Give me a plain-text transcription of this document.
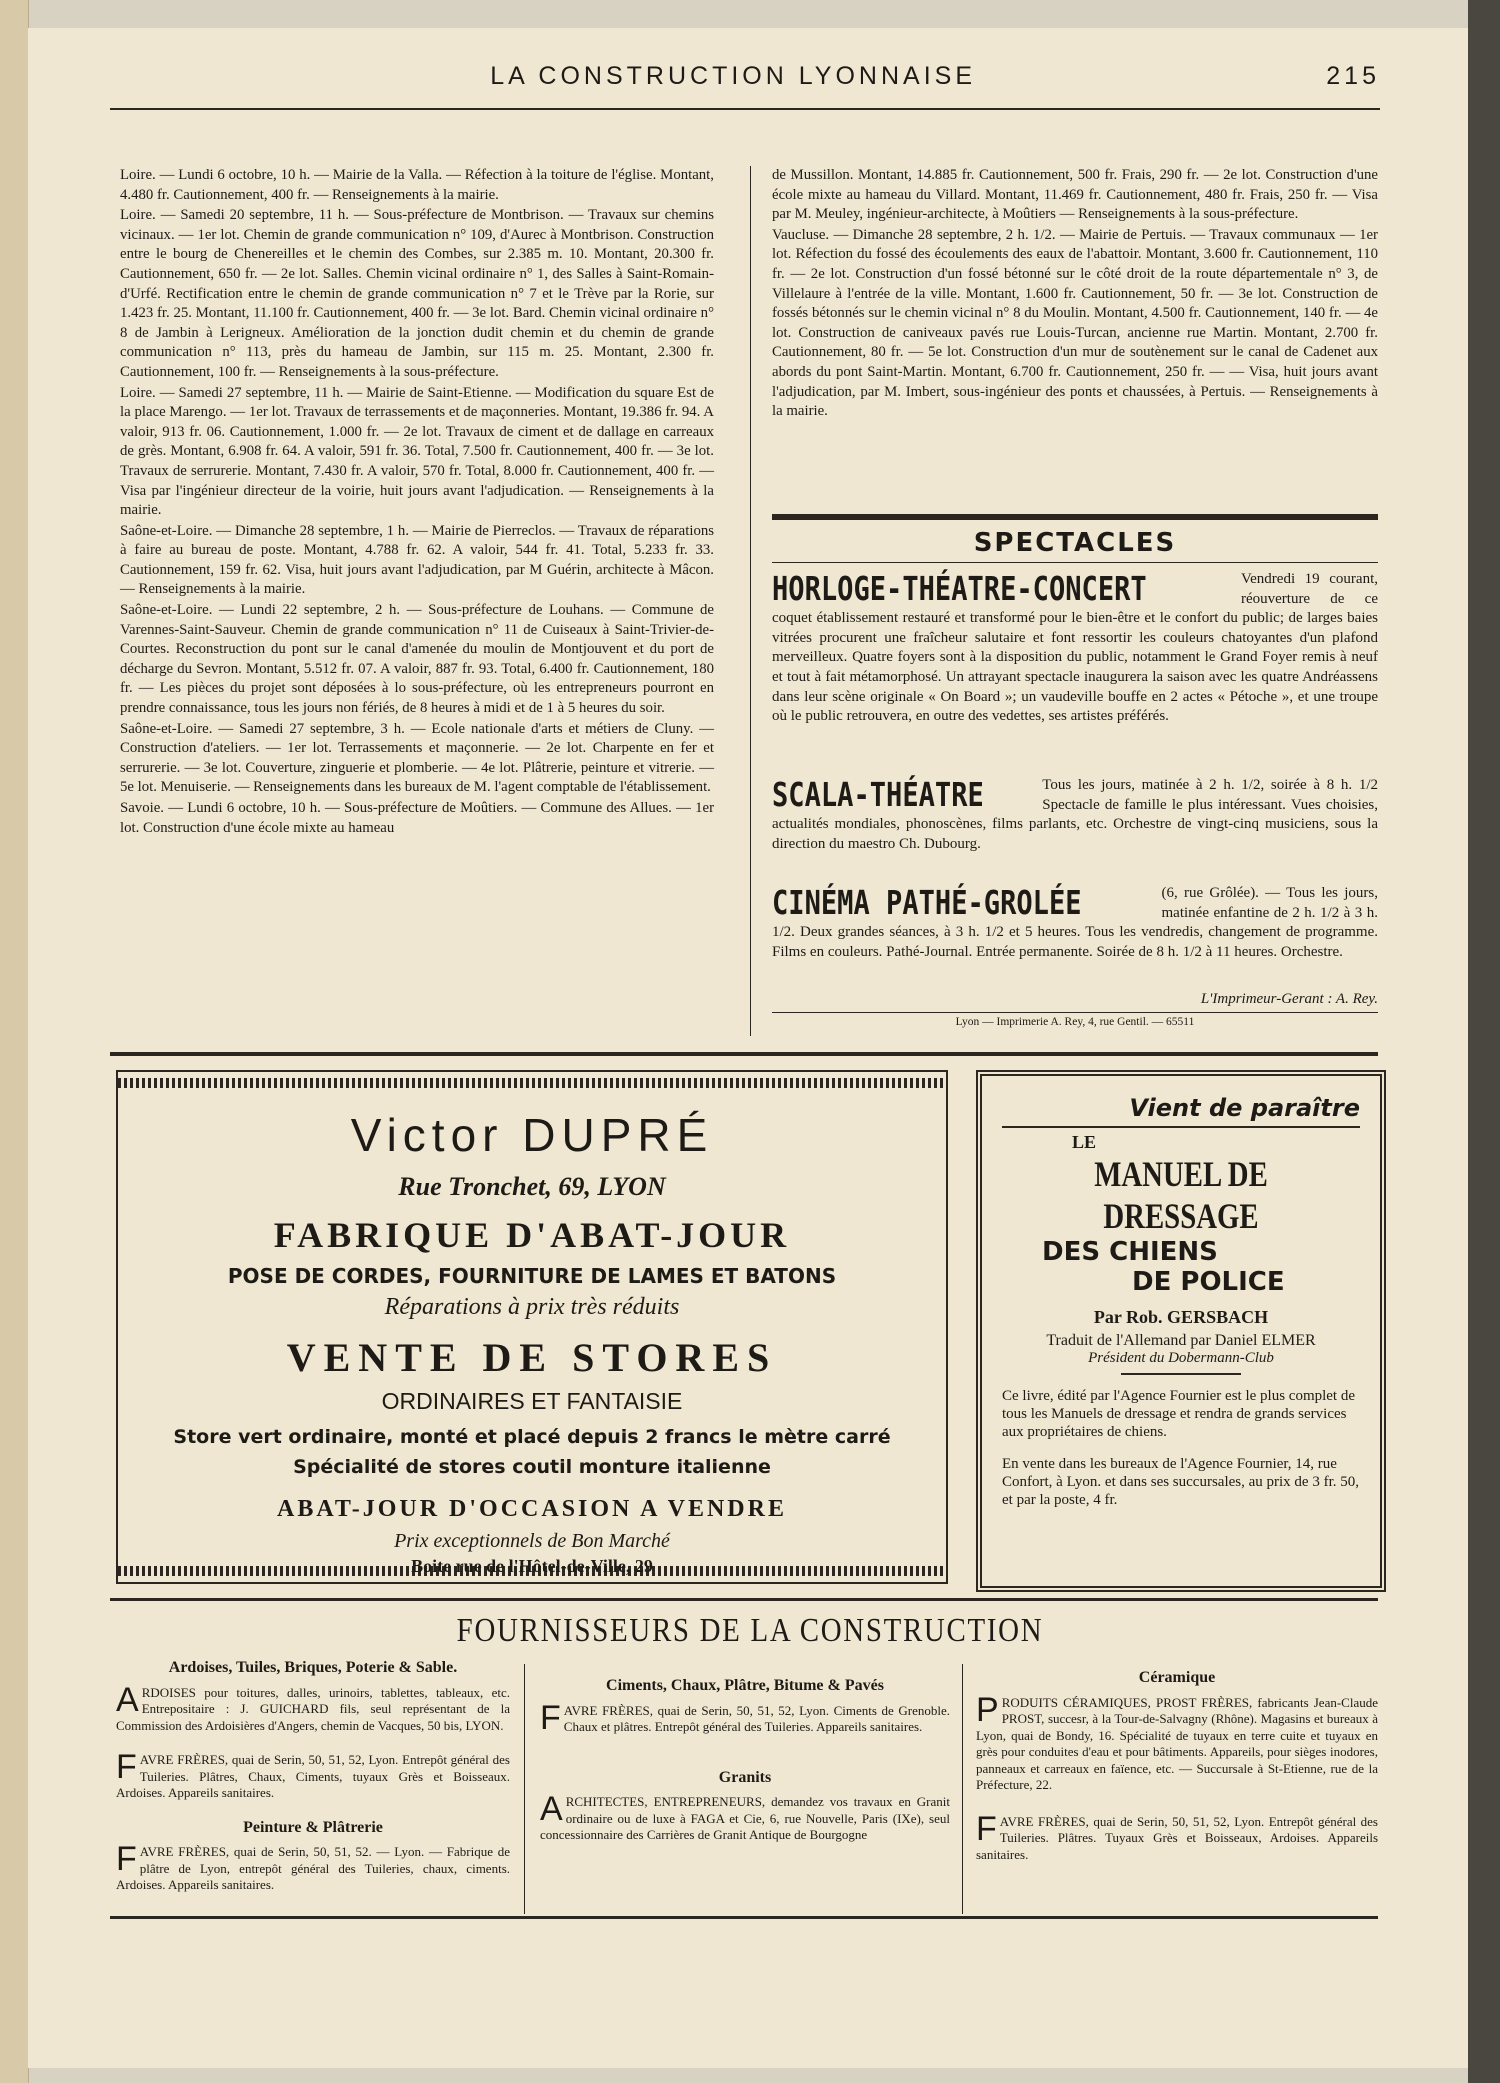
LA CONSTRUCTION LYONNAISE	215

Loire. — Lundi 6 octobre, 10 h. — Mairie de la Valla. — Réfection à la toiture de l'église. Montant, 4.480 fr. Cautionnement, 400 fr. — Renseignements à la mairie.

Loire. — Samedi 20 septembre, 11 h. — Sous-préfecture de Montbrison. — Travaux sur chemins vicinaux. — 1er lot. Chemin de grande communication n° 109, d'Aurec à Montbrison. Construction entre le bourg de Chenereilles et le chemin des Combes, sur 2.385 m. 10. Montant, 20.300 fr. Cautionnement, 650 fr. — 2e lot. Salles. Chemin vicinal ordinaire n° 1, des Salles à Saint-Romain-d'Urfé. Rectification entre le chemin de grande communication n° 7 et le Trève par la Rorie, sur 1.423 fr. 25. Montant, 11.100 fr. Cautionnement, 400 fr. — 3e lot. Bard. Chemin vicinal ordinaire n° 8 de Jambin à Lerigneux. Amélioration de la jonction dudit chemin et du chemin de grande communication n° 113, près du hameau de Jambin, sur 115 m. 25. Montant, 2.300 fr. Cautionnement, 100 fr. — Renseignements à la sous-préfecture.

Loire. — Samedi 27 septembre, 11 h. — Mairie de Saint-Etienne. — Modification du square Est de la place Marengo. — 1er lot. Travaux de terrassements et de maçonneries. Montant, 19.386 fr. 94. A valoir, 913 fr. 06. Cautionnement, 1.000 fr. — 2e lot. Travaux de ciment et de dallage en carreaux de grès. Montant, 6.908 fr. 64. A valoir, 591 fr. 36. Total, 7.500 fr. Cautionnement, 400 fr. — 3e lot. Travaux de serrurerie. Montant, 7.430 fr. A valoir, 570 fr. Total, 8.000 fr. Cautionnement, 400 fr. — Visa par l'ingénieur directeur de la voirie, huit jours avant l'adjudication. — Renseignements à la mairie.

Saône-et-Loire. — Dimanche 28 septembre, 1 h. — Mairie de Pierreclos. — Travaux de réparations à faire au bureau de poste. Montant, 4.788 fr. 62. A valoir, 544 fr. 41. Total, 5.233 fr. 33. Cautionnement, 159 fr. 62. Visa, huit jours avant l'adjudication, par M Guérin, architecte à Mâcon. — Renseignements à la mairie.

Saône-et-Loire. — Lundi 22 septembre, 2 h. — Sous-préfecture de Louhans. — Commune de Varennes-Saint-Sauveur. Chemin de grande communication n° 11 de Cuiseaux à Saint-Trivier-de-Courtes. Reconstruction du pont sur le canal d'amenée du moulin de Montjouvent et du port de décharge du Sevron. Montant, 5.512 fr. 07. A valoir, 887 fr. 93. Total, 6.400 fr. Cautionnement, 180 fr. — Les pièces du projet sont déposées à lo sous-préfecture, où les entrepreneurs pourront en prendre connaissance, tous les jours non fériés, de 8 heures à midi et de 1 à 5 heures du soir.

Saône-et-Loire. — Samedi 27 septembre, 3 h. — Ecole nationale d'arts et métiers de Cluny. — Construction d'ateliers. — 1er lot. Terrassements et maçonnerie. — 2e lot. Charpente en fer et serrurerie. — 3e lot. Couverture, zinguerie et plomberie. — 4e lot. Plâtrerie, peinture et vitrerie. — 5e lot. Menuiserie. — Renseignements dans les bureaux de M. l'agent comptable de l'établissement.

Savoie. — Lundi 6 octobre, 10 h. — Sous-préfecture de Moûtiers. — Commune des Allues. — 1er lot. Construction d'une école mixte au hameau

de Mussillon. Montant, 14.885 fr. Cautionnement, 500 fr. Frais, 290 fr. — 2e lot. Construction d'une école mixte au hameau du Villard. Montant, 11.469 fr. Cautionnement, 480 fr. Frais, 250 fr. — Visa par M. Meuley, ingénieur-architecte, à Moûtiers — Renseignements à la sous-préfecture.

Vaucluse. — Dimanche 28 septembre, 2 h. 1/2. — Mairie de Pertuis. — Travaux communaux — 1er lot. Réfection du fossé des écoulements des eaux de l'abattoir. Montant, 3.600 fr. Cautionnement, 110 fr. — 2e lot. Construction d'un fossé bétonné sur le côté droit de la route départementale n° 3, de Villelaure à l'entrée de la ville. Montant, 1.600 fr. Cautionnement, 50 fr. — 3e lot. Construction de fossés bétonnés sur le chemin vicinal n° 8 du Moulin. Montant, 4.500 fr. Cautionnement, 140 fr. — 4e lot. Construction de caniveaux pavés rue Louis-Turcan, ancienne rue Martin. Montant, 2.700 fr. Cautionnement, 80 fr. — 5e lot. Construction d'un mur de soutènement sur le canal de Cadenet aux abords du pont Saint-Martin. Montant, 6.700 fr. Cautionnement, 250 fr. — — Visa, huit jours avant l'adjudication, par M. Imbert, sous-ingénieur des ponts et chaussées, à Pertuis. — Renseignements à la mairie.

SPECTACLES
HORLOGE-THÉATRE-CONCERT	Vendredi 19 courant, réouverture de ce coquet établissement restauré et transformé pour le bien-être et le confort du public; de larges baies vitrées procurent une fraîcheur salutaire et font ressortir les couleurs chatoyantes d'un plafond merveilleux. Quatre foyers sont à la disposition du public, notamment le Grand Foyer remis à neuf et tout à fait métamorphosé. Un attrayant spectacle inaugurera la saison avec les quatre Andréassens dans leur scène originale « On Board »; un vaudeville bouffe en 2 actes « Pétoche », et une troupe où le public retrouvera, en outre des vedettes, ses artistes préférés.
SCALA-THÉATRE	Tous les jours, matinée à 2 h. 1/2, soirée à 8 h. 1/2 Spectacle de famille le plus intéressant. Vues choisies, actualités mondiales, phonoscènes, films parlants, etc. Orchestre de vingt-cinq musiciens, sous la direction du maestro Ch. Dubourg.
CINÉMA PATHÉ-GROLÉE	(6, rue Grôlée). — Tous les jours, matinée enfantine de 2 h. 1/2 à 3 h. 1/2. Deux grandes séances, à 3 h. 1/2 et 5 heures. Tous les vendredis, changement de programme. Films en couleurs. Pathé-Journal. Entrée permanente. Soirée de 8 h. 1/2 à 11 heures. Orchestre.
L'Imprimeur-Gerant : A. Rey.
Lyon — Imprimerie A. Rey, 4, rue Gentil. — 65511
Victor DUPRÉ
Rue Tronchet, 69, LYON
FABRIQUE D'ABAT-JOUR
POSE DE CORDES, FOURNITURE DE LAMES ET BATONS
Réparations à prix très réduits
VENTE DE STORES
ORDINAIRES ET FANTAISIE
Store vert ordinaire, monté et placé depuis 2 francs le mètre carré
Spécialité de stores coutil monture italienne
ABAT-JOUR D'OCCASION A VENDRE
Prix exceptionnels de Bon Marché
Boite rue de l'Hôtel-de-Ville, 29
Vient de paraître
LE
MANUEL DE DRESSAGE
DES CHIENS
DE POLICE
Par Rob. GERSBACH
Traduit de l'Allemand par Daniel ELMER
Président du Dobermann-Club

Ce livre, édité par l'Agence Fournier est le plus complet de tous les Manuels de dressage et rendra de grands services aux propriétaires de chiens.

En vente dans les bureaux de l'Agence Fournier, 14, rue Confort, à Lyon. et dans ses succursales, au prix de 3 fr. 50, et par la poste, 4 fr.

FOURNISSEURS DE LA CONSTRUCTION
Ardoises, Tuiles, Briques, Poterie & Sable.

ARDOISES pour toitures, dalles, urinoirs, tablettes, tableaux, etc. Entrepositaire : J. GUICHARD fils, seul représentant de la Commission des Ardoisières d'Angers, chemin de Vacques, 50 bis, LYON.

FAVRE FRÈRES, quai de Serin, 50, 51, 52, Lyon. Entrepôt général des Tuileries. Plâtres, Chaux, Ciments, tuyaux Grès et Boisseaux. Ardoises. Appareils sanitaires.

Peinture & Plâtrerie

FAVRE FRÈRES, quai de Serin, 50, 51, 52. — Lyon. — Fabrique de plâtre de Lyon, entrepôt général des Tuileries, chaux, ciments. Ardoises. Appareils sanitaires.

Ciments, Chaux, Plâtre, Bitume & Pavés

FAVRE FRÈRES, quai de Serin, 50, 51, 52, Lyon. Ciments de Grenoble. Chaux et plâtres. Entrepôt général des Tuileries. Appareils sanitaires.

Granits

ARCHITECTES, ENTREPRENEURS, demandez vos travaux en Granit ordinaire ou de luxe à FAGA et Cie, 6, rue Nouvelle, Paris (IXe), seul concessionnaire des Carrières de Granit Antique de Bourgogne

Céramique

PRODUITS CÉRAMIQUES, PROST FRÈRES, fabricants Jean-Claude PROST, succesr, à la Tour-de-Salvagny (Rhône). Magasins et bureaux à Lyon, quai de Bondy, 16. Spécialité de tuyaux en terre cuite et tuyaux en grès pour conduites d'eau et pour bâtiments. Appareils, pour sièges inodores, panneaux et carreaux en faïence, etc. — Succursale à St-Etienne, rue de la Préfecture, 22.

FAVRE FRÈRES, quai de Serin, 50, 51, 52, Lyon. Entrepôt général des Tuileries. Plâtres. Tuyaux Grès et Boisseaux, Ardoises. Appareils sanitaires.
